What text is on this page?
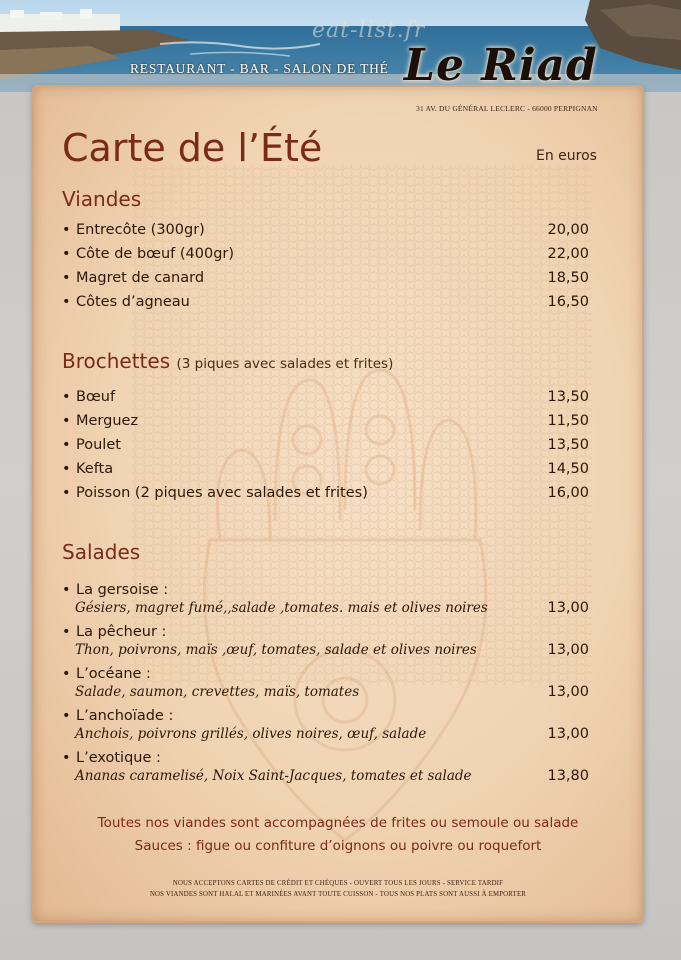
eat-list.fr
RESTAURANT - BAR - SALON DE THÉ Le Riad
31 AV. DU GÉNÉRAL LECLERC - 66000 PERPIGNAN
Carte de l’Été	En euros
Viandes
• Entrecôte (300gr)	20,00
• Côte de bœuf (400gr)	22,00
• Magret de canard	18,50
• Côtes d’agneau	16,50
Brochettes (3 piques avec salades et frites)
• Bœuf	13,50
• Merguez	11,50
• Poulet	13,50
• Kefta	14,50
• Poisson (2 piques avec salades et frites)	16,00
Salades
• La gersoise :
Gésiers, magret fumé,,salade ,tomates. mais et olives noires	13,00
• La pêcheur :
Thon, poivrons, maïs ,œuf, tomates, salade et olives noires	13,00
• L’océane :
Salade, saumon, crevettes, maïs, tomates	13,00
• L’anchoïade :
Anchois, poivrons grillés, olives noires, œuf, salade	13,00
• L’exotique :
Ananas caramelisé, Noix Saint-Jacques, tomates et salade	13,80
Toutes nos viandes sont accompagnées de frites ou semoule ou salade
Sauces : figue ou confiture d’oignons ou poivre ou roquefort
NOUS ACCEPTONS CARTES DE CRÉDIT ET CHÈQUES - OUVERT TOUS LES JOURS - SERVICE TARDIF
NOS VIANDES SONT HALAL ET MARINÉES AVANT TOUTE CUISSON - TOUS NOS PLATS SONT AUSSI À EMPORTER
